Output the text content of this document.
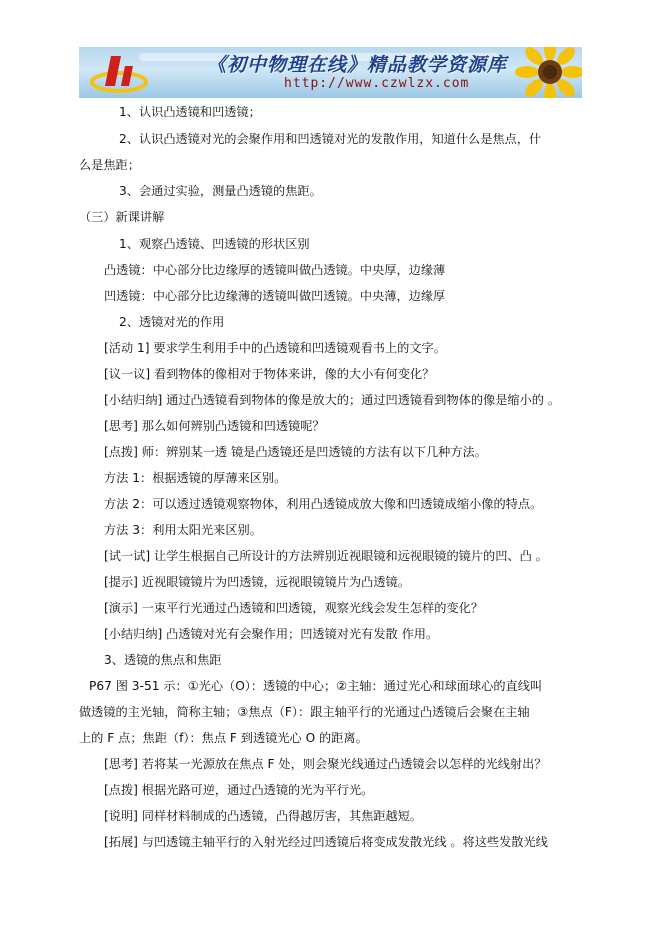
《初中物理在线》精品教学资源库
http://www.czwlzx.com
1、认识凸透镜和凹透镜；
2、认识凸透镜对光的会聚作用和凹透镜对光的发散作用，知道什么是焦点，什
么是焦距；
3、会通过实验，测量凸透镜的焦距。
（三）新课讲解
1、观察凸透镜、凹透镜的形状区别
凸透镜：中心部分比边缘厚的透镜叫做凸透镜。中央厚，边缘薄
凹透镜：中心部分比边缘薄的透镜叫做凹透镜。中央薄，边缘厚
2、透镜对光的作用
[活动 1] 要求学生利用手中的凸透镜和凹透镜观看书上的文字。
[议一议] 看到物体的像相对于物体来讲，像的大小有何变化？
[小结归纳] 通过凸透镜看到物体的像是放大的；通过凹透镜看到物体的像是缩小的 。
[思考] 那么如何辨别凸透镜和凹透镜呢？
[点拨] 师：辨别某一透 镜是凸透镜还是凹透镜的方法有以下几种方法。
方法 1：根据透镜的厚薄来区别。
方法 2：可以透过透镜观察物体，利用凸透镜成放大像和凹透镜成缩小像的特点。
方法 3：利用太阳光来区别。
[试一试] 让学生根据自己所设计的方法辨别近视眼镜和远视眼镜的镜片的凹、凸 。
[提示] 近视眼镜镜片为凹透镜，远视眼镜镜片为凸透镜。
[演示] 一束平行光通过凸透镜和凹透镜，观察光线会发生怎样的变化？
[小结归纳] 凸透镜对光有会聚作用；凹透镜对光有发散 作用。
3、透镜的焦点和焦距
P67 图 3-51 示：①光心（O）：透镜的中心；②主轴：通过光心和球面球心的直线叫
做透镜的主光轴，简称主轴；③焦点（F）：跟主轴平行的光通过凸透镜后会聚在主轴
上的 F 点；焦距（f）：焦点 F 到透镜光心 O 的距离。
[思考] 若将某一光源放在焦点 F 处，则会聚光线通过凸透镜会以怎样的光线射出？
[点拨] 根据光路可逆，通过凸透镜的光为平行光。
[说明] 同样材料制成的凸透镜，凸得越厉害，其焦距越短。
[拓展] 与凹透镜主轴平行的入射光经过凹透镜后将变成发散光线 。将这些发散光线
